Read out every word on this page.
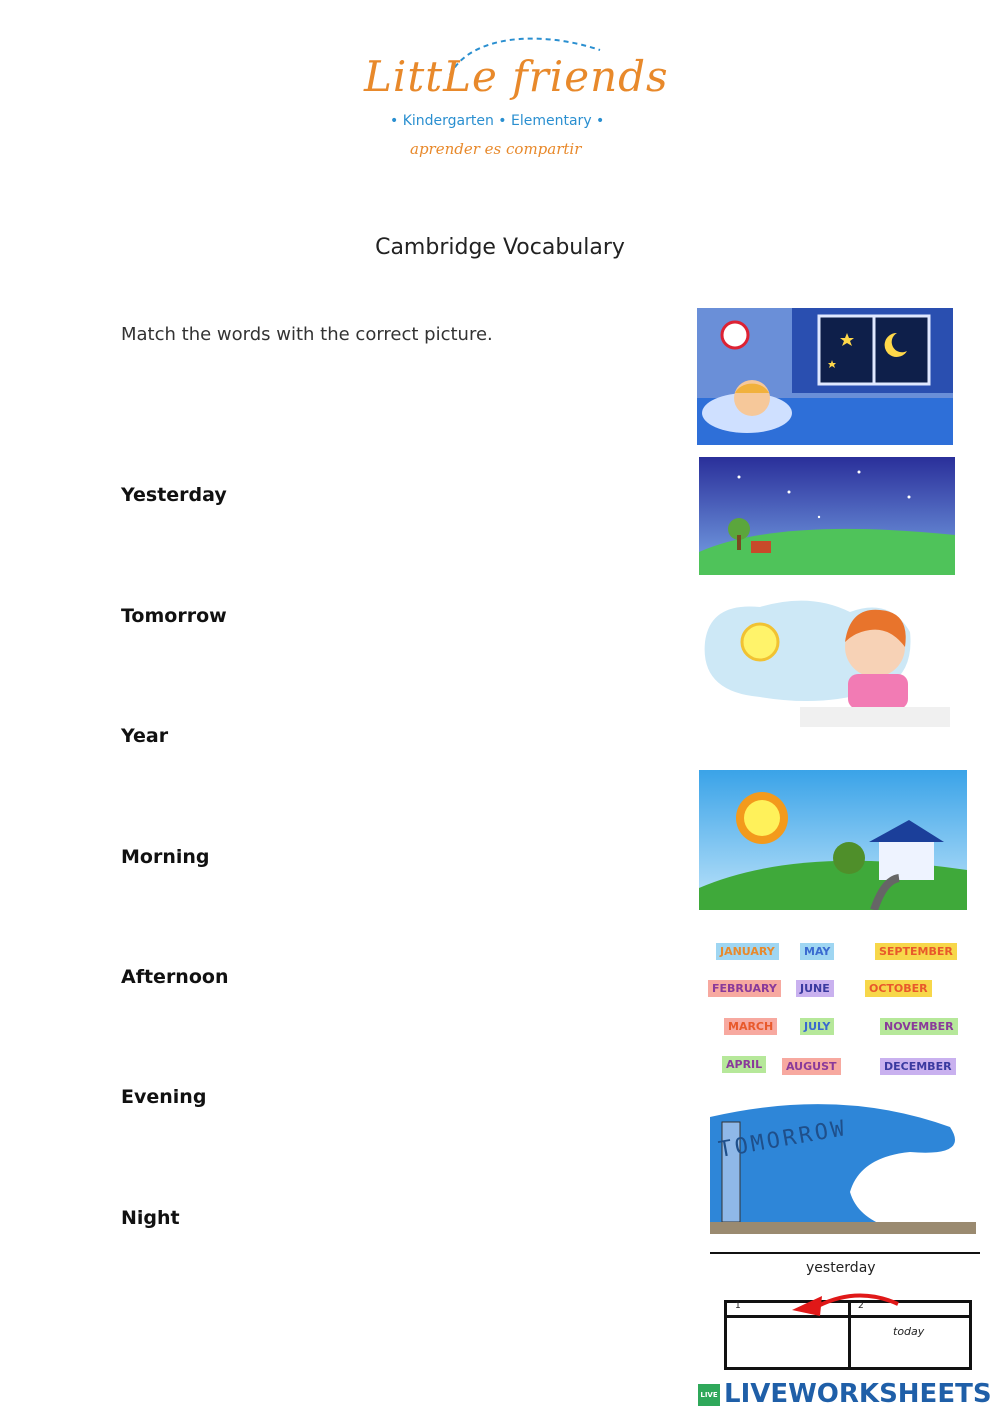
LittLe friends
• Kindergarten • Elementary •
aprender es compartir
Cambridge Vocabulary
Match the words with the correct picture.
Yesterday
Tomorrow
Year
Morning
Afternoon
Evening
Night
JANUARY	MAY	SEPTEMBER
FEBRUARY	JUNE	OCTOBER
MARCH	JULY	NOVEMBER
APRIL	AUGUST	DECEMBER
TOMORROW
yesterday
1	2
today
LIVE LIVEWORKSHEETS
